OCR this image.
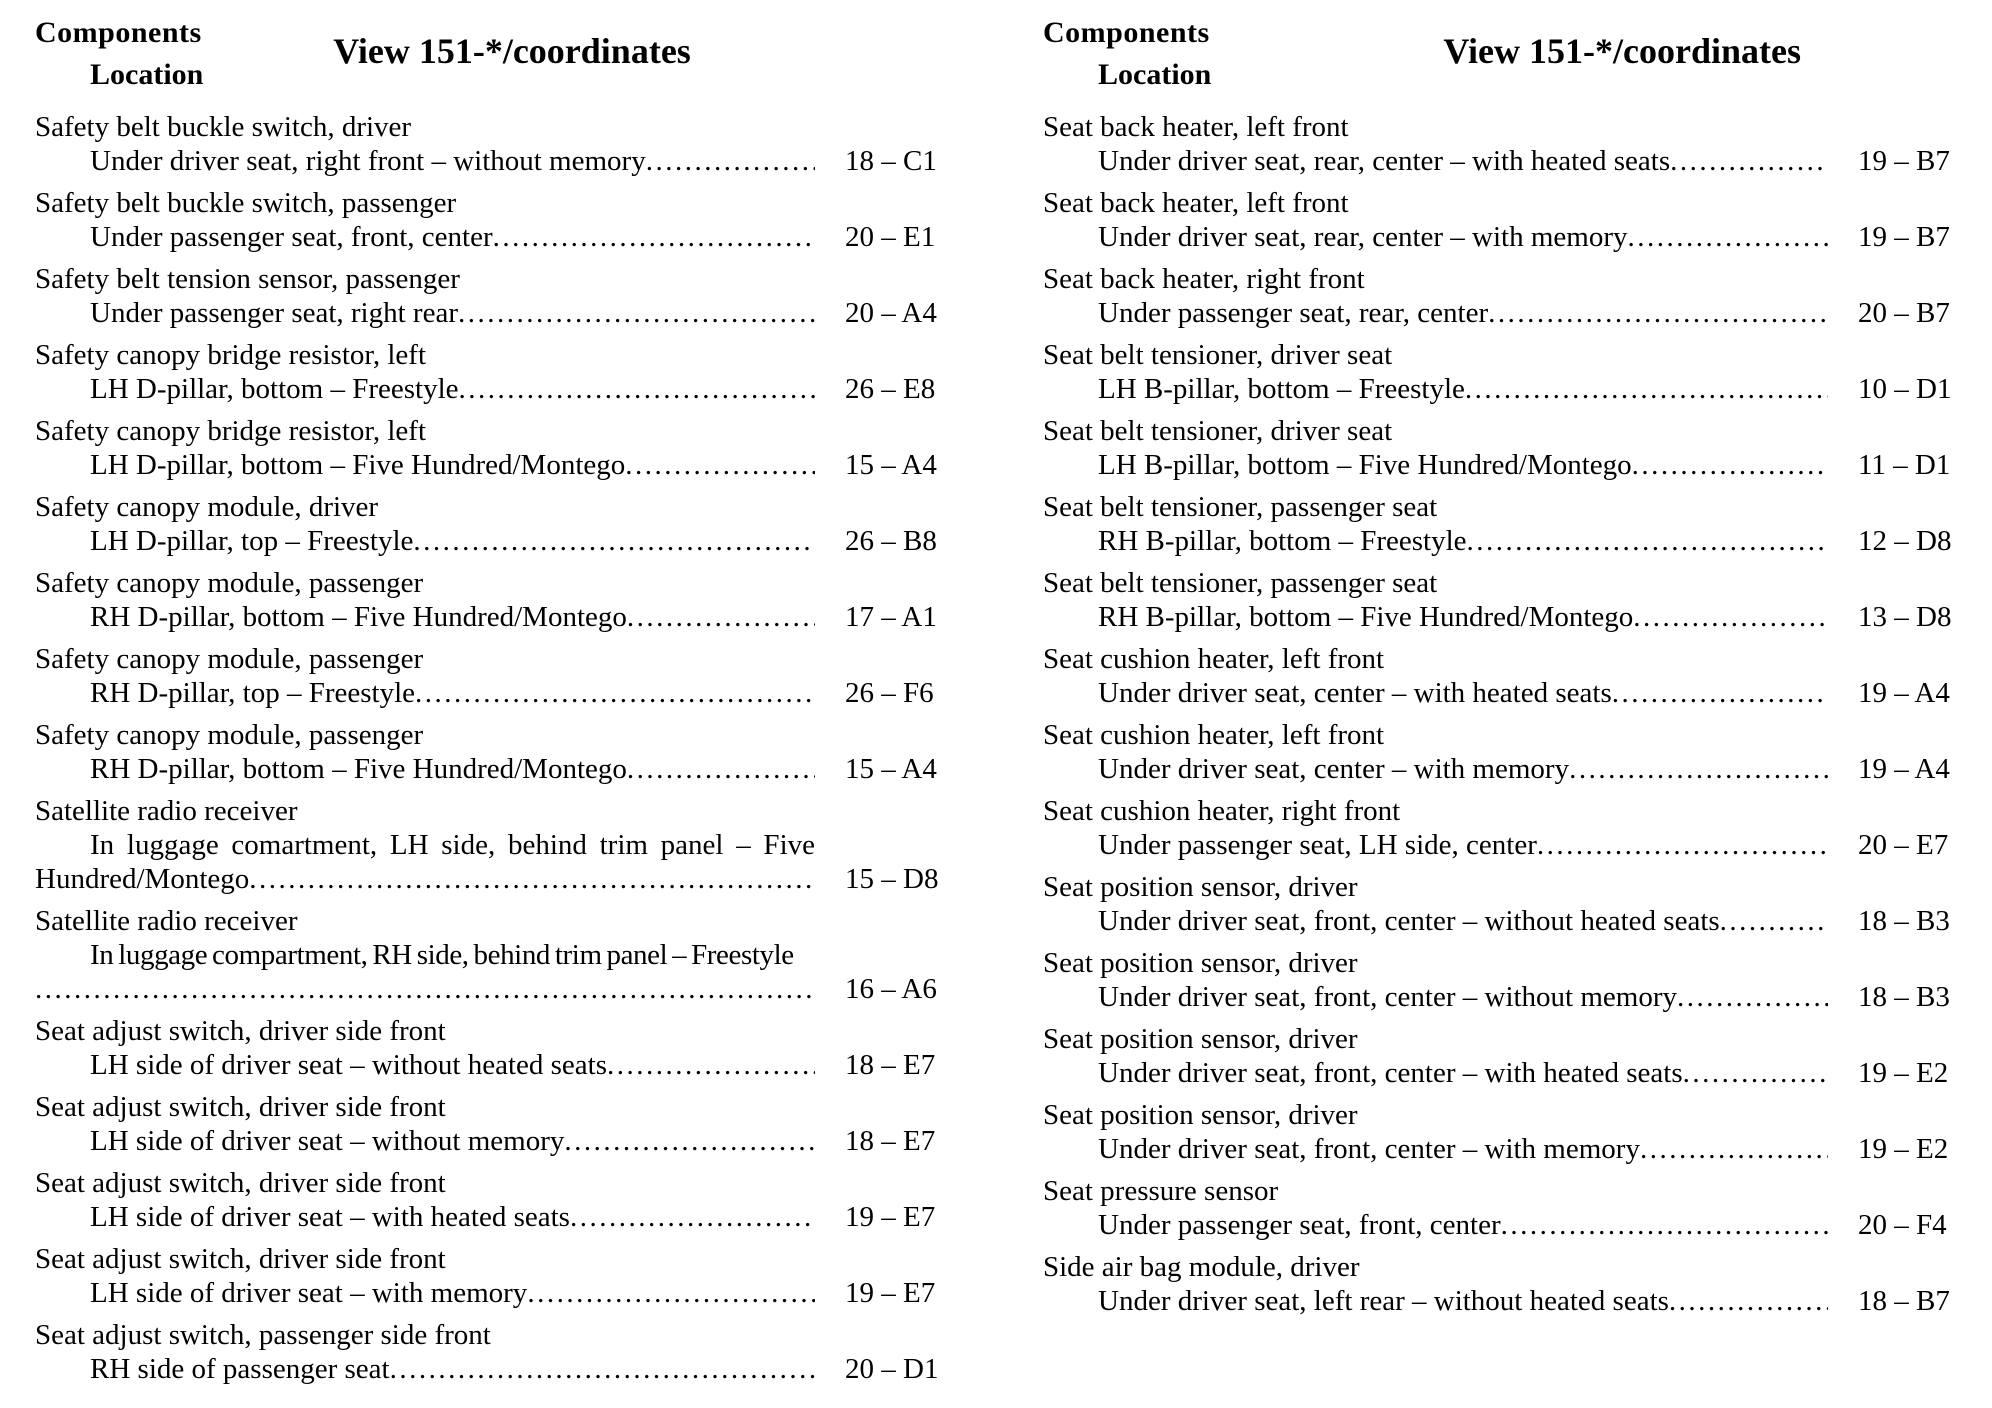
Components	View 151-*/coordinates
Location
Safety belt buckle switch, driver
Under driver seat, right front – without memory .....	18 – C1
Safety belt buckle switch, passenger
Under passenger seat, front, center .....	20 – E1
Safety belt tension sensor, passenger
Under passenger seat, right rear .....	20 – A4
Safety canopy bridge resistor, left
LH D-pillar, bottom – Freestyle .....	26 – E8
Safety canopy bridge resistor, left
LH D-pillar, bottom – Five Hundred/Montego .....	15 – A4
Safety canopy module, driver
LH D-pillar, top – Freestyle .....	26 – B8
Safety canopy module, passenger
RH D-pillar, bottom – Five Hundred/Montego .....	17 – A1
Safety canopy module, passenger
RH D-pillar, top – Freestyle .....	26 – F6
Safety canopy module, passenger
RH D-pillar, bottom – Five Hundred/Montego .....	15 – A4
Satellite radio receiver
In luggage comartment, LH side, behind trim panel – Five
Hundred/Montego .....	15 – D8
Satellite radio receiver
In luggage compartment, RH side, behind trim panel – Freestyle
.....
16 – A6
Seat adjust switch, driver side front
LH side of driver seat – without heated seats .....	18 – E7
Seat adjust switch, driver side front
LH side of driver seat – without memory .....	18 – E7
Seat adjust switch, driver side front
LH side of driver seat – with heated seats .....	19 – E7
Seat adjust switch, driver side front
LH side of driver seat – with memory .....	19 – E7
Seat adjust switch, passenger side front
RH side of passenger seat .....	20 – D1
Components	View 151-*/coordinates
Location
Seat back heater, left front
Under driver seat, rear, center – with heated seats .....	19 – B7
Seat back heater, left front
Under driver seat, rear, center – with memory .....	19 – B7
Seat back heater, right front
Under passenger seat, rear, center .....	20 – B7
Seat belt tensioner, driver seat
LH B-pillar, bottom – Freestyle .....	10 – D1
Seat belt tensioner, driver seat
LH B-pillar, bottom – Five Hundred/Montego .....	11 – D1
Seat belt tensioner, passenger seat
RH B-pillar, bottom – Freestyle .....	12 – D8
Seat belt tensioner, passenger seat
RH B-pillar, bottom – Five Hundred/Montego .....	13 – D8
Seat cushion heater, left front
Under driver seat, center – with heated seats .....	19 – A4
Seat cushion heater, left front
Under driver seat, center – with memory .....	19 – A4
Seat cushion heater, right front
Under passenger seat, LH side, center .....	20 – E7
Seat position sensor, driver
Under driver seat, front, center – without heated seats .....	18 – B3
Seat position sensor, driver
Under driver seat, front, center – without memory .....	18 – B3
Seat position sensor, driver
Under driver seat, front, center – with heated seats .....	19 – E2
Seat position sensor, driver
Under driver seat, front, center – with memory .....	19 – E2
Seat pressure sensor
Under passenger seat, front, center .....	20 – F4
Side air bag module, driver
Under driver seat, left rear – without heated seats .....	18 – B7
